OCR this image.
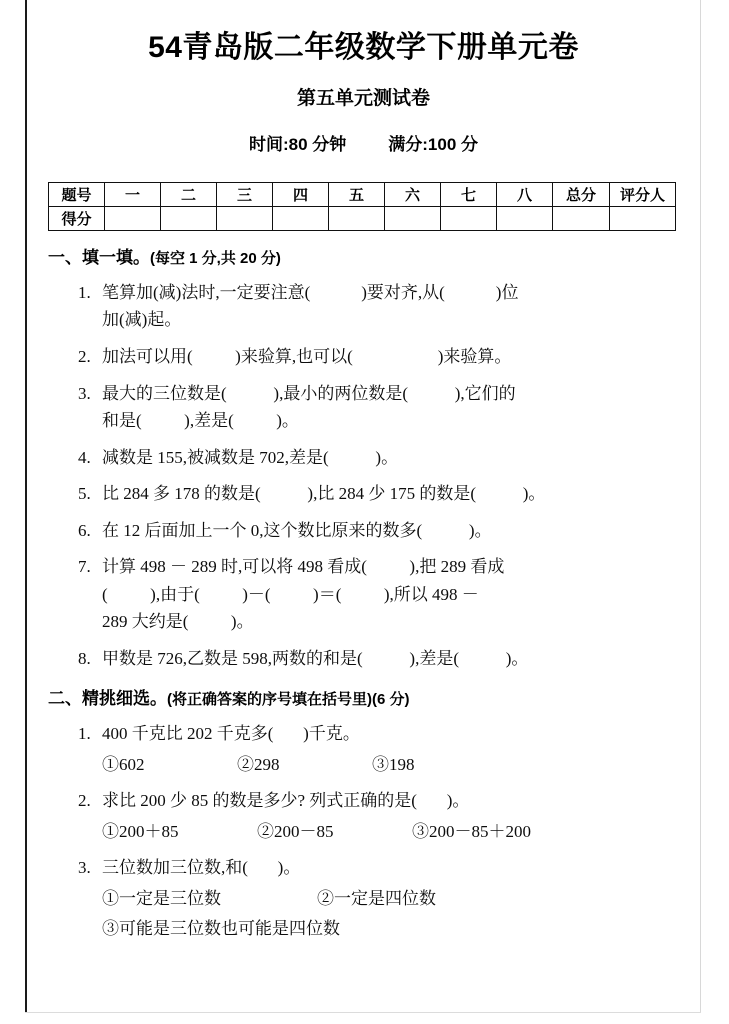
54青岛版二年级数学下册单元卷
第五单元测试卷
时间:80 分钟 满分:100 分
题号	一	二	三	四	五	六	七	八	总分	评分人
得分										
一、填一填。(每空 1 分,共 20 分)
1. 笔算加(减)法时,一定要注意(            )要对齐,从(            )位
加(减)起。
2. 加法可以用(          )来验算,也可以(                    )来验算。
3. 最大的三位数是(           ),最小的两位数是(           ),它们的
和是(          ),差是(          )。
4. 减数是 155,被减数是 702,差是(           )。
5. 比 284 多 178 的数是(           ),比 284 少 175 的数是(           )。
6. 在 12 后面加上一个 0,这个数比原来的数多(           )。
7. 计算 498 － 289 时,可以将 498 看成(          ),把 289 看成
(          ),由于(          )－(          )＝(          ),所以 498 －
289 大约是(          )。
8. 甲数是 726,乙数是 598,两数的和是(           ),差是(           )。
二、精挑细选。(将正确答案的序号填在括号里)(6 分)
1. 400 千克比 202 千克多(       )千克。
①602	②298	③198
2. 求比 200 少 85 的数是多少? 列式正确的是(       )。
①200＋85	②200－85	③200－85＋200
3. 三位数加三位数,和(       )。
①一定是三位数	②一定是四位数
③可能是三位数也可能是四位数
